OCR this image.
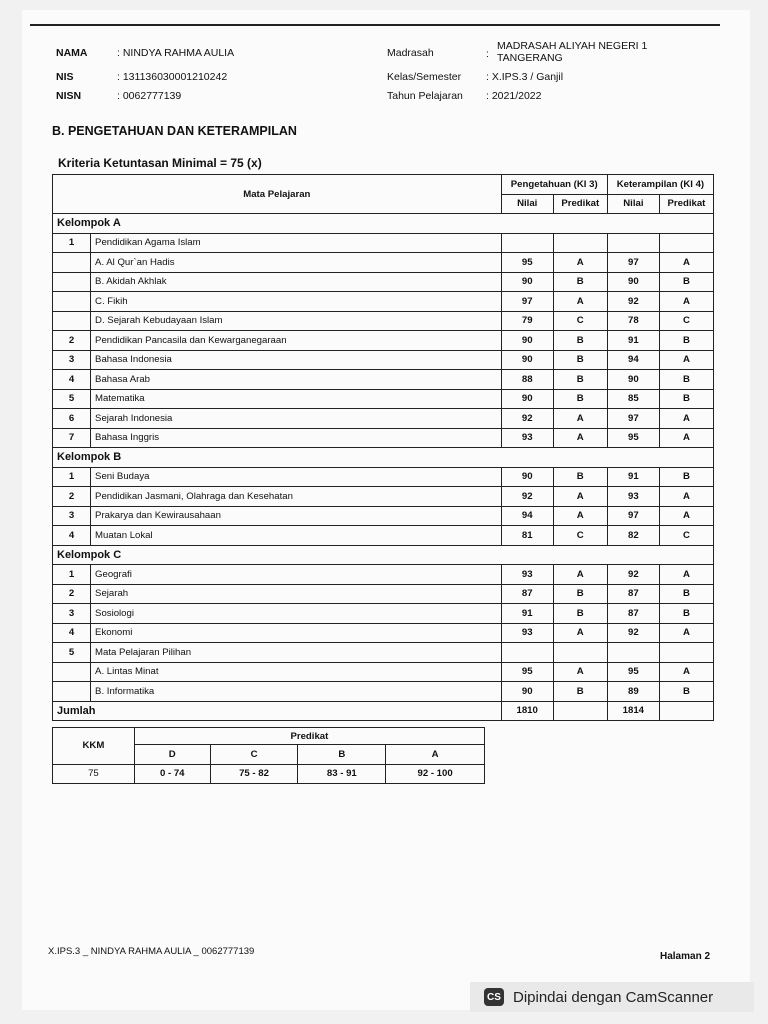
NAMA	: NINDYA RAHMA AULIA
NIS	: 131136030001210242
NISN	: 0062777139
Madrasah	:
MADRASAH ALIYAH NEGERI 1
TANGERANG
Kelas/Semester : X.IPS.3 / Ganjil
Tahun Pelajaran : 2021/2022
B. PENGETAHUAN DAN KETERAMPILAN
Kriteria Ketuntasan Minimal = 75 (x)
Mata Pelajaran		Pengetahuan (KI 3)		Keterampilan (KI 4)	
		Nilai	Predikat	Nilai	Predikat
Kelompok A					
1	Pendidikan Agama Islam				
	A. Al Qur`an Hadis	95	A	97	A
	B. Akidah Akhlak	90	B	90	B
	C. Fikih	97	A	92	A
	D. Sejarah Kebudayaan Islam	79	C	78	C
2	Pendidikan Pancasila dan Kewarganegaraan	90	B	91	B
3	Bahasa Indonesia	90	B	94	A
4	Bahasa Arab	88	B	90	B
5	Matematika	90	B	85	B
6	Sejarah Indonesia	92	A	97	A
7	Bahasa Inggris	93	A	95	A
Kelompok B					
1	Seni Budaya	90	B	91	B
2	Pendidikan Jasmani, Olahraga dan Kesehatan	92	A	93	A
3	Prakarya dan Kewirausahaan	94	A	97	A
4	Muatan Lokal	81	C	82	C
Kelompok C					
1	Geografi	93	A	92	A
2	Sejarah	87	B	87	B
3	Sosiologi	91	B	87	B
4	Ekonomi	93	A	92	A
5	Mata Pelajaran Pilihan				
	A. Lintas Minat	95	A	95	A
	B. Informatika	90	B	89	B
Jumlah		1810		1814	
KKM	Predikat			
	D	C	B	A
75	0 - 74	75 - 82	83 - 91	92 - 100
X.IPS.3 _ NINDYA RAHMA AULIA _ 0062777139	Halaman 2
CS Dipindai dengan CamScanner
